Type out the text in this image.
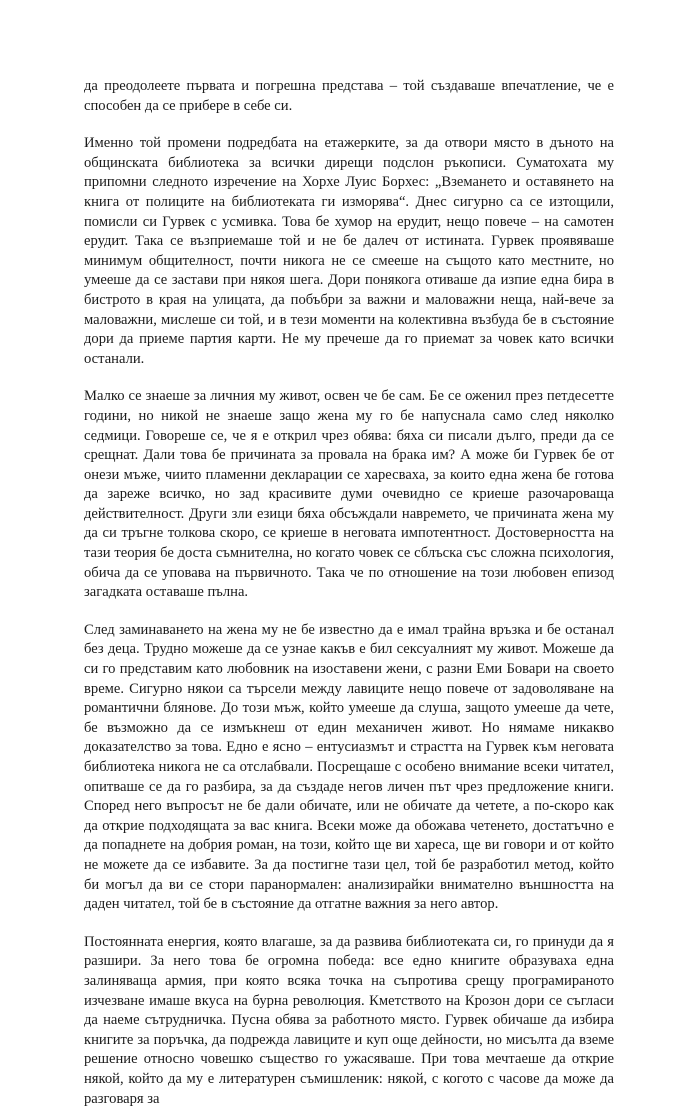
да преодолеете първата и погрешна представа – той създаваше впечатление, че е способен да се прибере в себе си.

Именно той промени подредбата на етажерките, за да отвори място в дъното на общинската библиотека за всички дирещи подслон ръкописи. Суматохата му припомни следното изречение на Хорхе Луис Борхес: „Вземането и оставянето на книга от полиците на библиотеката ги изморява“. Днес сигурно са се изтощили, помисли си Гурвек с усмивка. Това бе хумор на ерудит, нещо повече – на самотен ерудит. Така се възприемаше той и не бе далеч от истината. Гурвек проявяваше минимум общителност, почти никога не се смееше на същото като местните, но умееше да се застави при някоя шега. Дори понякога отиваше да изпие една бира в бистрото в края на улицата, да побъбри за важни и маловажни неща, най-вече за маловажни, мислеше си той, и в тези моменти на колективна възбуда бе в състояние дори да приеме партия карти. Не му пречеше да го приемат за човек като всички останали.

Малко се знаеше за личния му живот, освен че бе сам. Бе се оженил през петдесетте години, но никой не знаеше защо жена му го бе напуснала само след няколко седмици. Говореше се, че я е открил чрез обява: бяха си писали дълго, преди да се срещнат. Дали това бе причината за провала на брака им? А може би Гурвек бе от онези мъже, чиито пламенни декларации се харесваха, за които една жена бе готова да зареже всичко, но зад красивите думи очевидно се криеше разочароваща действителност. Други зли езици бяха обсъждали навремето, че причината жена му да си тръгне толкова скоро, се криеше в неговата импотентност. Достоверността на тази теория бе доста съмнителна, но когато човек се сблъска със сложна психология, обича да се уповава на първичното. Така че по отношение на този любовен епизод загадката оставаше пълна.

След заминаването на жена му не бе известно да е имал трайна връзка и бе останал без деца. Трудно можеше да се узнае какъв е бил сексуалният му живот. Можеше да си го представим като любовник на изоставени жени, с разни Еми Бовари на своето време. Сигурно някои са търсели между лавиците нещо повече от задоволяване на романтични блянове. До този мъж, който умееше да слуша, защото умееше да чете, бе възможно да се измъкнеш от един механичен живот. Но нямаме никакво доказателство за това. Едно е ясно – ентусиазмът и страстта на Гурвек към неговата библиотека никога не са отслабвали. Посрещаше с особено внимание всеки читател, опитваше се да го разбира, за да създаде негов личен път чрез предложение книги. Според него въпросът не бе дали обичате, или не обичате да четете, а по-скоро как да открие подходящата за вас книга. Всеки може да обожава четенето, достатъчно е да попаднете на добрия роман, на този, който ще ви хареса, ще ви говори и от който не можете да се избавите. За да постигне тази цел, той бе разработил метод, който би могъл да ви се стори паранормален: анализирайки внимателно външността на даден читател, той бе в състояние да отгатне важния за него автор.

Постоянната енергия, която влагаше, за да развива библиотеката си, го принуди да я разшири. За него това бе огромна победа: все едно книгите образуваха една залиняваща армия, при която всяка точка на съпротива срещу програмираното изчезване имаше вкуса на бурна революция. Кметството на Крозон дори се съгласи да наеме сътрудничка. Пусна обява за работното място. Гурвек обичаше да избира книгите за поръчка, да подрежда лавиците и куп още дейности, но мисълта да вземе решение относно човешко същество го ужасяваше. При това мечтаеше да открие някой, който да му е литературен съмишленик: някой, с когото с часове да може да разговаря за
